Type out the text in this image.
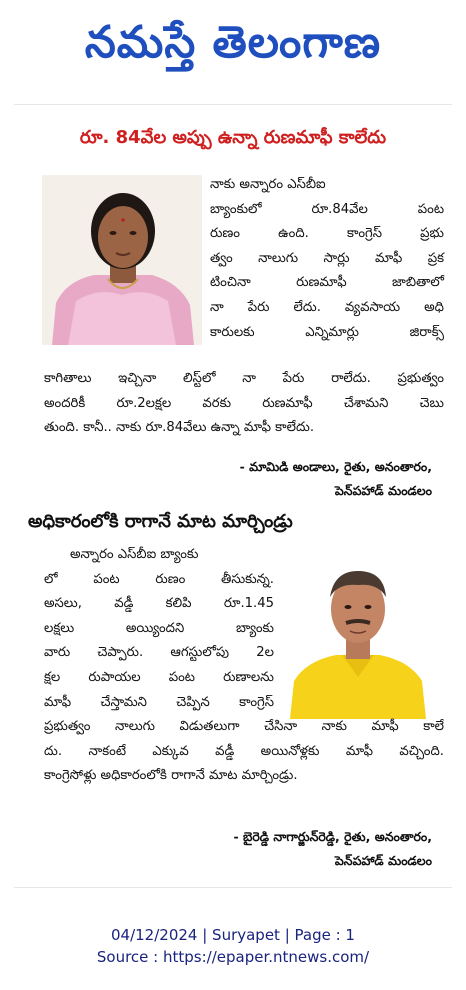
నమస్తే తెలంగాణ
రూ. 84వేల అప్పు ఉన్నా రుణమాఫీ కాలేదు
నాకు అన్నారం ఎస్‌బీఐ
బ్యాంకులో రూ.84వేల పంట
రుణం ఉంది. కాంగ్రెస్ ప్రభు
త్వం నాలుగు సార్లు మాఫీ ప్రక
టించినా రుణమాఫీ జాబితాలో
నా పేరు లేదు. వ్యవసాయ అధి
కారులకు ఎన్నిమార్లు జిరాక్స్
కాగితాలు ఇచ్చినా లిస్ట్‌లో నా పేరు రాలేదు. ప్రభుత్వం
అందరికీ రూ.2లక్షల వరకు రుణమాఫీ చేశామని చెబు
తుంది. కానీ.. నాకు రూ.84వేలు ఉన్నా మాఫీ కాలేదు.
- మామిడి అండాలు, రైతు, అనంతారం,
పెన్‌పహాడ్ మండలం
అధికారంలోకి రాగానే మాట మార్చిండ్రు
అన్నారం ఎస్‌బీఐ బ్యాంకు
లో పంట రుణం తీసుకున్న.
అసలు, వడ్డీ కలిపి రూ.1.45
లక్షలు అయ్యిందని బ్యాంకు
వారు చెప్పారు. ఆగస్టులోపు 2ల
క్షల రుపాయల పంట రుణాలను
మాఫీ చేస్తామని చెప్పిన కాంగ్రెస్
ప్రభుత్వం నాలుగు విడుతలుగా చేసినా నాకు మాఫీ కాలే
దు. నాకంటే ఎక్కువ వడ్డీ అయినోళ్లకు మాఫీ వచ్చింది.
కాంగ్రెసోళ్లు అధికారంలోకి రాగానే మాట మార్చిండ్రు.
- బైరెడ్డి నాగార్జున్‌రెడ్డి, రైతు, అనంతారం,
పెన్‌పహాడ్ మండలం
04/12/2024 | Suryapet | Page : 1
Source : https://epaper.ntnews.com/
